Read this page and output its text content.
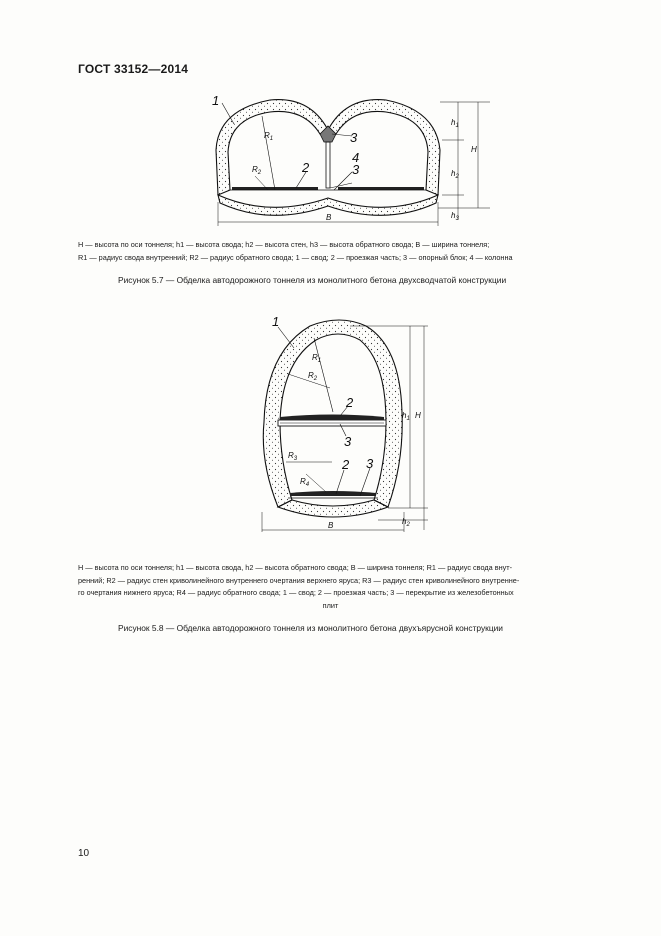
ГОСТ 33152—2014
1
2
3
3
4
$R_1$
$R_2$
$h_1$
$h_2$
$h_3$
H
B
H — высота по оси тоннеля; h1 — высота свода; h2 — высота стен, h3 — высота обратного свода; B — ширина тоннеля;
R1 — радиус свода внутренний; R2 — радиус обратного свода; 1 — свод; 2 — проезжая часть; 3 — опорный блок; 4 — колонна
Рисунок 5.7 — Обделка автодорожного тоннеля из монолитного бетона двухсводчатой конструкции
1
2
3
2 3
$R_1$
$R_2$
$R_3$
$R_4$
$h_1$
$h_2$
H
B
H — высота по оси тоннеля; h1 — высота свода, h2 — высота обратного свода; B — ширина тоннеля; R1 — радиус свода внут-
ренний; R2 — радиус стен криволинейного внутреннего очертания верхнего яруса; R3 — радиус стен криволинейного внутренне-
го очертания нижнего яруса; R4 — радиус обратного свода; 1 — свод; 2 — проезжая часть; 3 — перекрытие из железобетонных
плит
Рисунок 5.8 — Обделка автодорожного тоннеля из монолитного бетона двухъярусной конструкции
10
